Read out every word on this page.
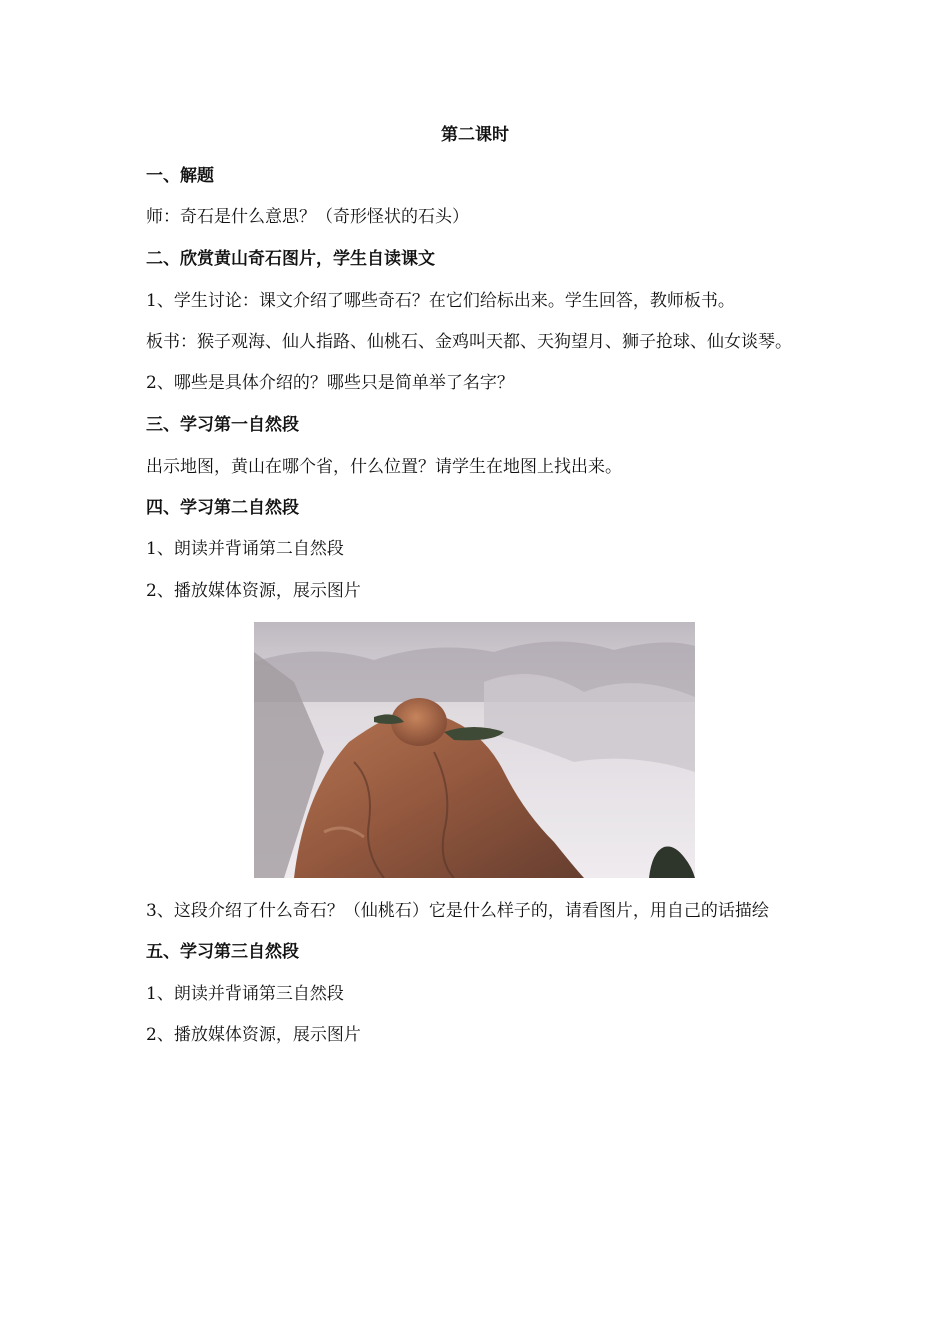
第二课时

一、解题

师：奇石是什么意思？（奇形怪状的石头）

二、欣赏黄山奇石图片，学生自读课文

1、学生讨论：课文介绍了哪些奇石？在它们给标出来。学生回答，教师板书。

板书：猴子观海、仙人指路、仙桃石、金鸡叫天都、天狗望月、狮子抢球、仙女谈琴。

2、哪些是具体介绍的？哪些只是简单举了名字？

三、学习第一自然段

出示地图，黄山在哪个省，什么位置？请学生在地图上找出来。

四、学习第二自然段

1、朗读并背诵第二自然段

2、播放媒体资源，展示图片

3、这段介绍了什么奇石？（仙桃石）它是什么样子的，请看图片，用自己的话描绘

五、学习第三自然段

1、朗读并背诵第三自然段

2、播放媒体资源，展示图片
